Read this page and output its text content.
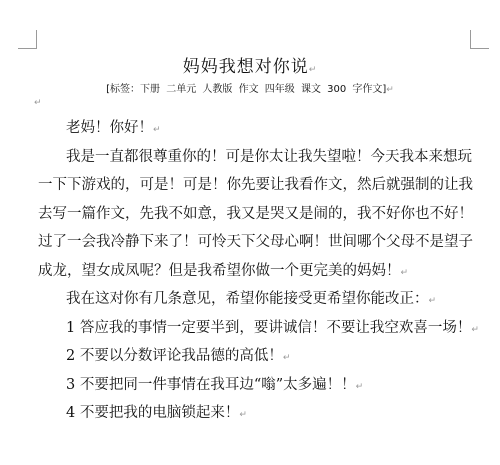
妈妈我想对你说↵
[标签：下册 二单元 人教版 作文 四年级 课文 300 字作文]↵
↵
老妈！你好！↵
我是一直都很尊重你的！可是你太让我失望啦！今天我本来想玩
一下下游戏的，可是！可是！你先要让我看作文，然后就强制的让我
去写一篇作文，先我不如意，我又是哭又是闹的，我不好你也不好！
过了一会我冷静下来了！可怜天下父母心啊！世间哪个父母不是望子
成龙，望女成凤呢？但是我希望你做一个更完美的妈妈！↵
我在这对你有几条意见，希望你能接受更希望你能改正：↵
1 答应我的事情一定要半到，要讲诚信！不要让我空欢喜一场！↵
2 不要以分数评论我品德的高低！↵
3 不要把同一件事情在我耳边“嗡”太多遍！！↵
4 不要把我的电脑锁起来！↵
